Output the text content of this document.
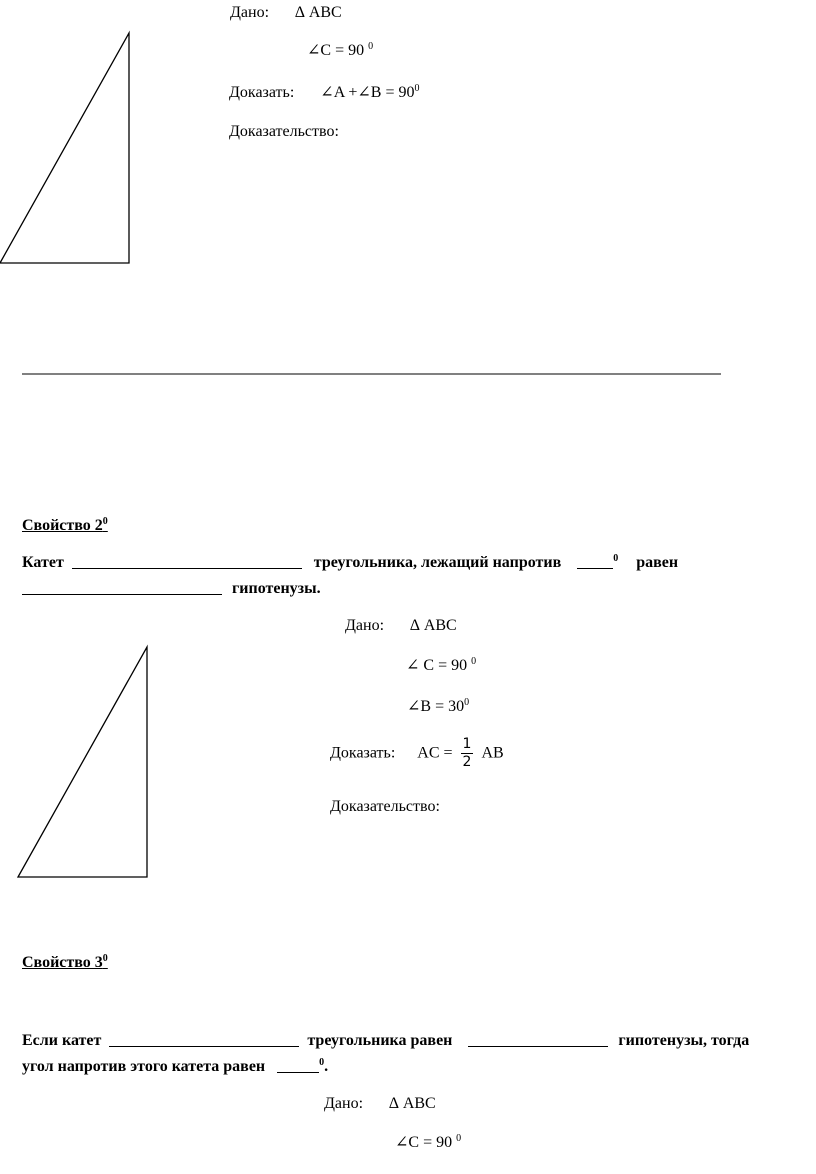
Дано: ∆ ABC
∠C = 90 $^0$
Доказать: ∠A +∠B = $90^0$
Доказательство:
Свойство $2^0$
Катет	треугольника, лежащий напротив	$^0$ равен
гипотенузы.
Дано: ∆ ABC
∠ C = 90 $^0$
∠B = $30^0$
Доказать: AC = $\frac{1}{2}$ AB
Доказательство:
Свойство $3^0$
Если катет	треугольника равен	гипотенузы, тогда
угол напротив этого катета равен	$^0$.
Дано: ∆ ABC
∠C = 90 $^0$
